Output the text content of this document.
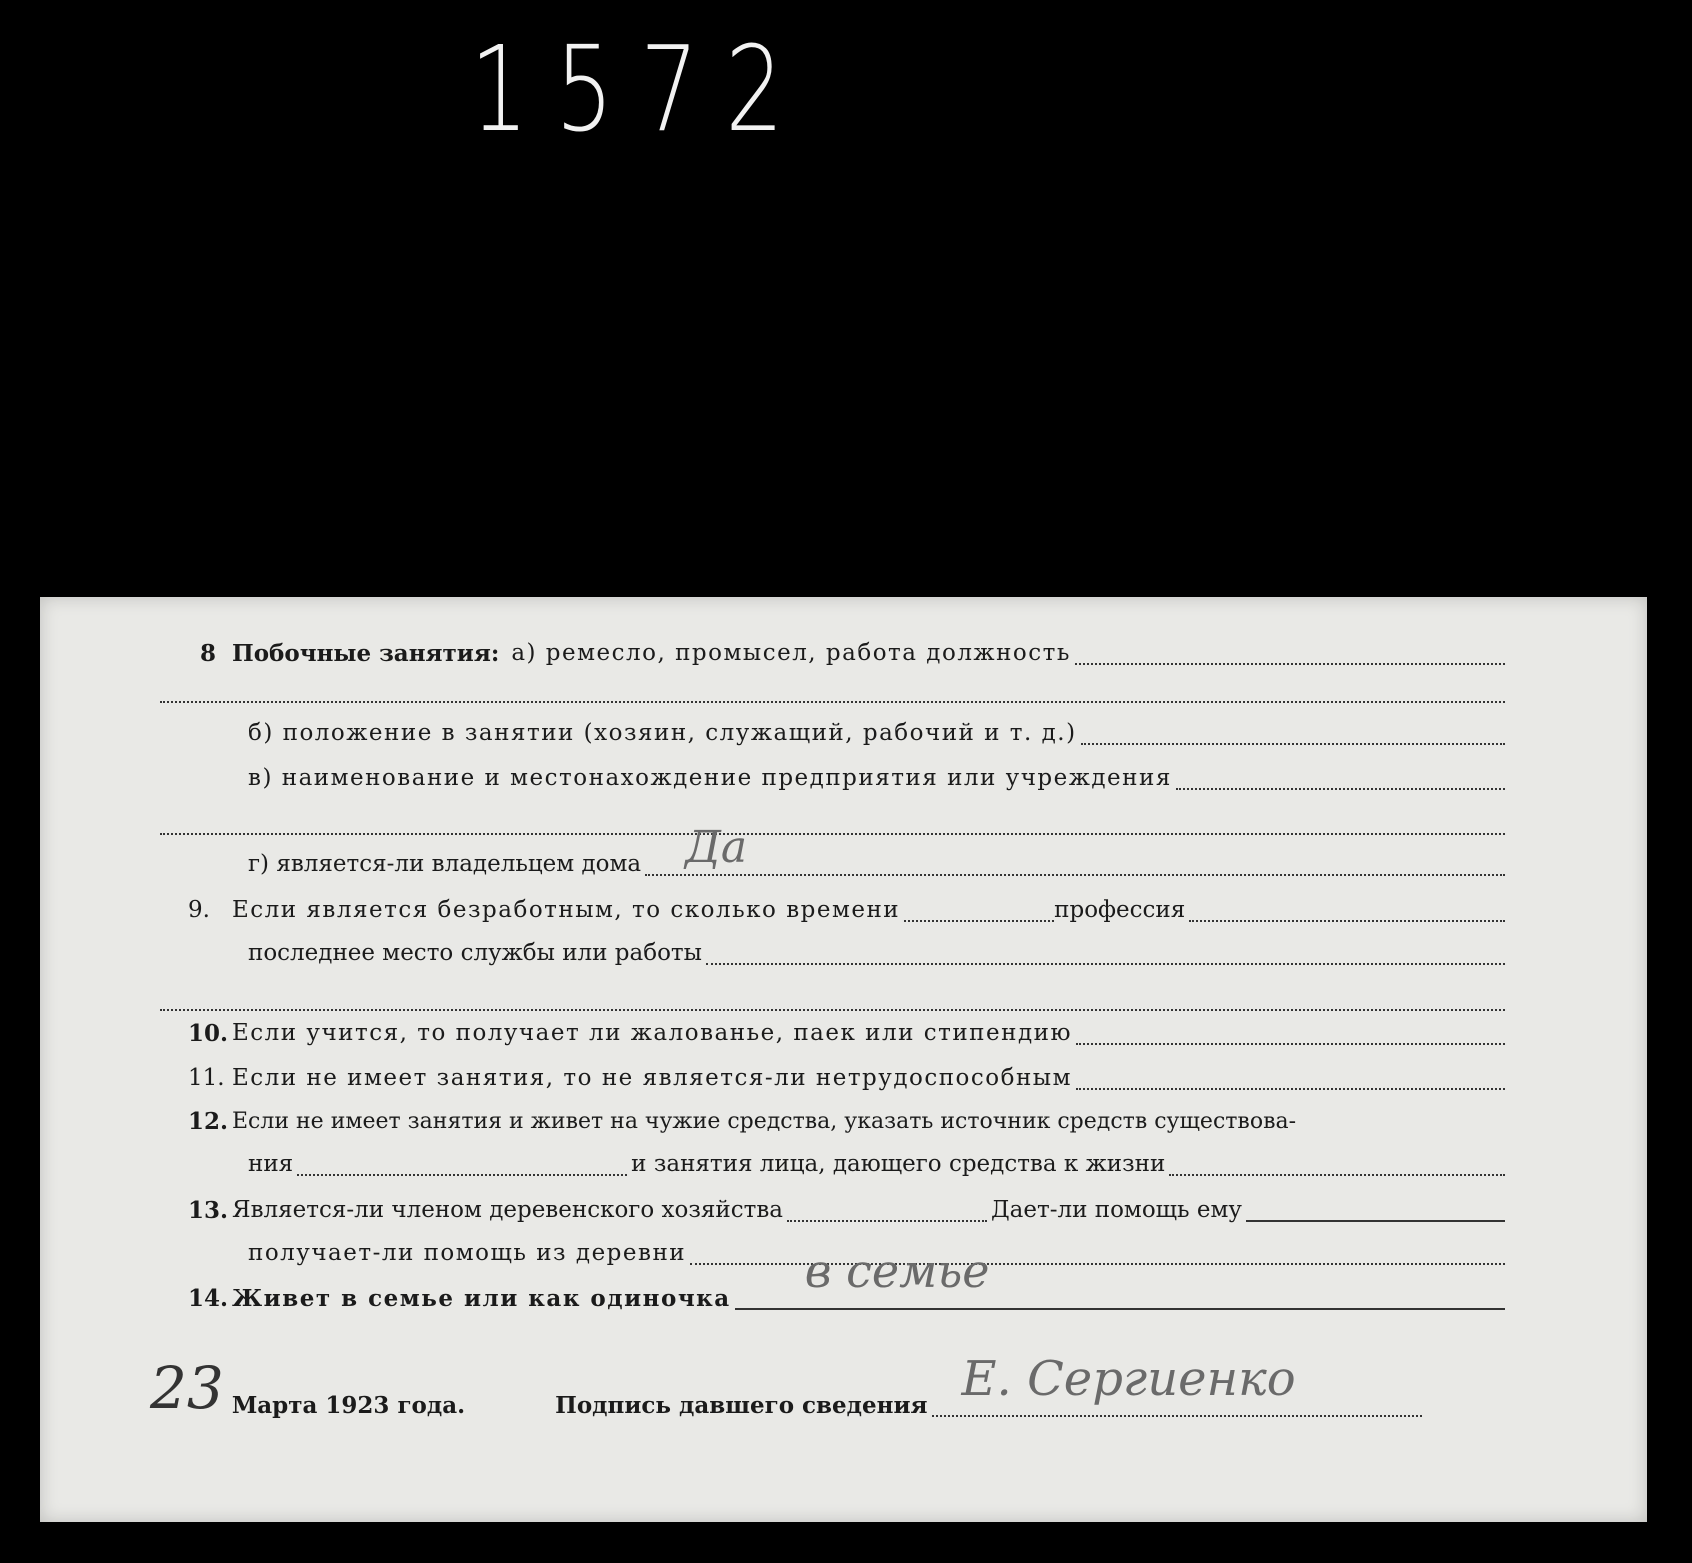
1572
8 Побочные занятия: а) ремесло, промысел, работа должность
б) положение в занятии (хозяин, служащий, рабочий и т. д.)
в) наименование и местонахождение предприятия или учреждения
г) является-ли владельцем дома Да
9. Если является безработным, то сколько времени	профессия
последнее место службы или работы
10. Если учится, то получает ли жалованье, паек или стипендию
11. Если не имеет занятия, то не является-ли нетрудоспособным
12. Если не имеет занятия и живет на чужие средства, указать источник средств существова-
ния	и занятия лица, дающего средства к жизни
13. Является-ли членом деревенского хозяйства	Дает-ли помощь ему
получает-ли помощь из деревни
14. Живет в семье или как одиночка
в семье
23 Марта 1923 года.	Подпись давшего сведения Е. Сергиенко
